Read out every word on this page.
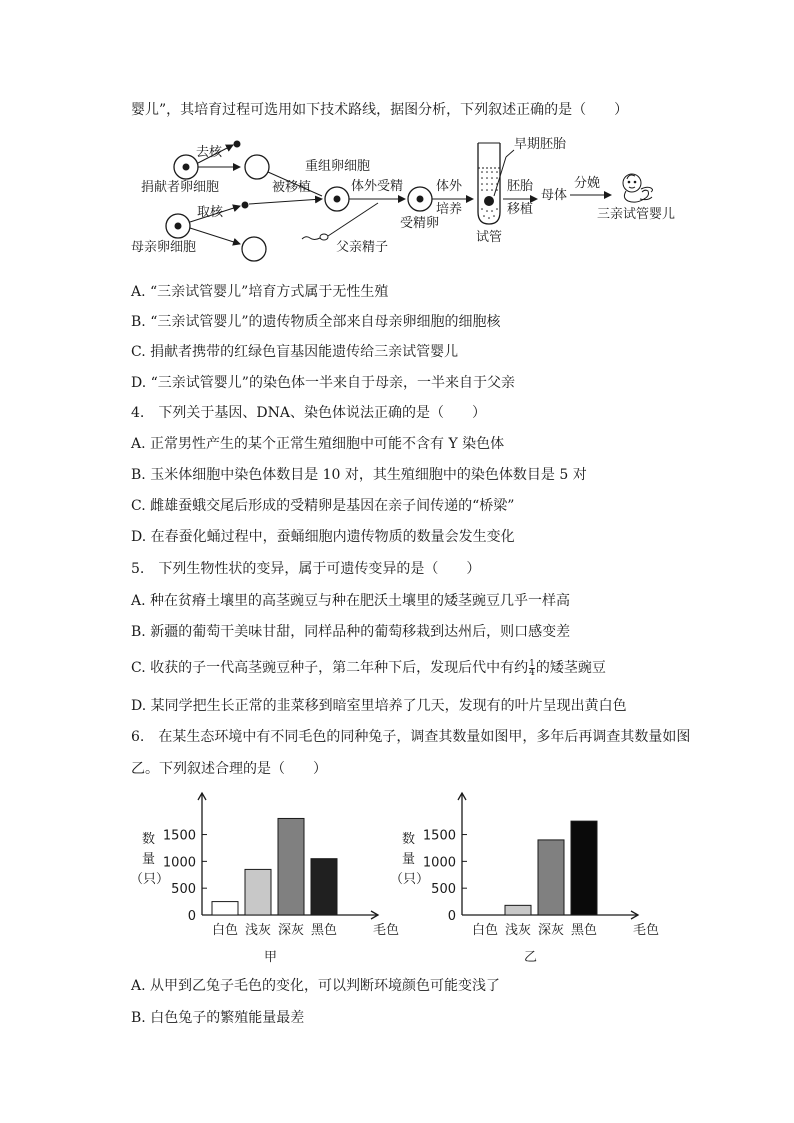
婴儿”，其培育过程可选用如下技术路线，据图分析，下列叙述正确的是（　　）
去核
捐献者卵细胞
取核
母亲卵细胞
被移植
重组卵细胞
体外受精
父亲精子
受精卵
体外
培养
早期胚胎
试管
胚胎
移植
母体
分娩
三亲试管婴儿
A. “三亲试管婴儿”培育方式属于无性生殖
B. “三亲试管婴儿”的遗传物质全部来自母亲卵细胞的细胞核
C. 捐献者携带的红绿色盲基因能遗传给三亲试管婴儿
D. “三亲试管婴儿”的染色体一半来自于母亲，一半来自于父亲
4.　下列关于基因、DNA、染色体说法正确的是（　　）
A. 正常男性产生的某个正常生殖细胞中可能不含有 Y 染色体
B. 玉米体细胞中染色体数目是 10 对，其生殖细胞中的染色体数目是 5 对
C. 雌雄蚕蛾交尾后形成的受精卵是基因在亲子间传递的“桥梁”
D. 在春蚕化蛹过程中，蚕蛹细胞内遗传物质的数量会发生变化
5.　下列生物性状的变异，属于可遗传变异的是（　　）
A. 种在贫瘠土壤里的高茎豌豆与种在肥沃土壤里的矮茎豌豆几乎一样高
B. 新疆的葡萄干美味甘甜，同样品种的葡萄移栽到达州后，则口感变差
C. 收获的子一代高茎豌豆种子，第二年种下后，发现后代中有约 $\frac{1}{4}$ 的矮茎豌豆
D. 某同学把生长正常的韭菜移到暗室里培养了几天，发现有的叶片呈现出黄白色
6.　在某生态环境中有不同毛色的同种兔子，调查其数量如图甲，多年后再调查其数量如图
乙。下列叙述合理的是（　　）
数
量
（只）
0
500
1000
1500
白色 浅灰 深灰 黑色	毛色
甲
数
量
（只）
0
500
1000
1500
白色 浅灰 深灰 黑色	毛色
乙
A. 从甲到乙兔子毛色的变化，可以判断环境颜色可能变浅了
B. 白色兔子的繁殖能量最差
